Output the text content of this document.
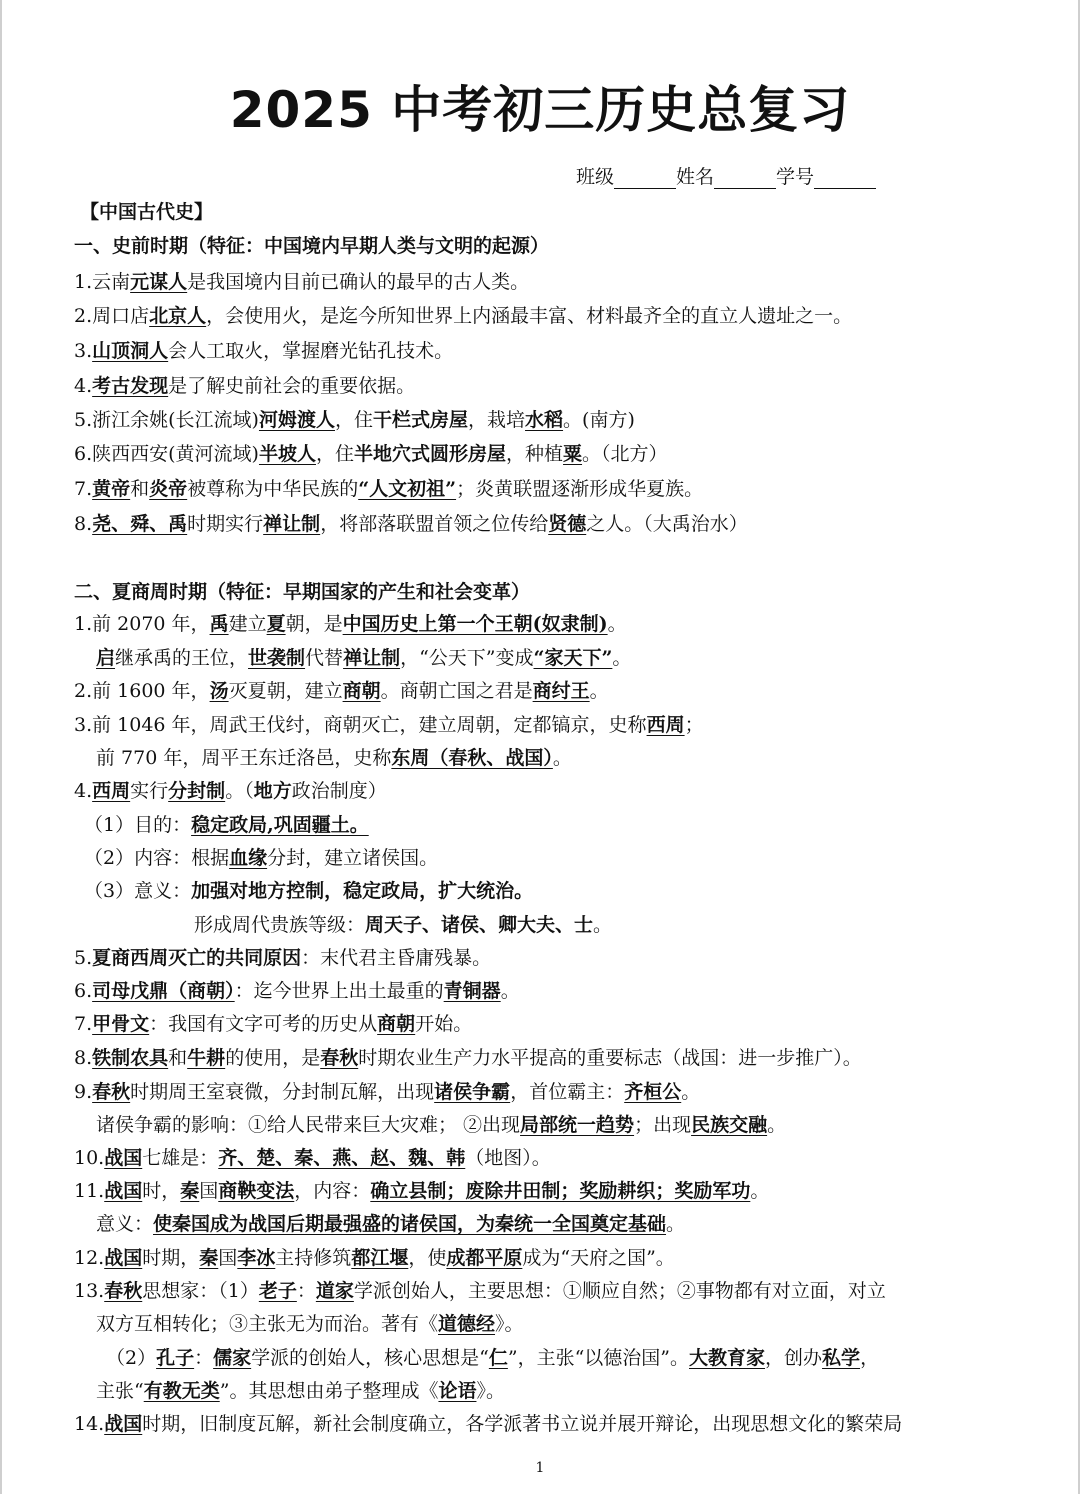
2025 中考初三历史总复习
班级	姓名	学号
【中国古代史】
一、史前时期（特征：中国境内早期人类与文明的起源）
二、夏商周时期（特征：早期国家的产生和社会变革）
1.云南元谋人是我国境内目前已确认的最早的古人类。
2.周口店北京人，会使用火，是迄今所知世界上内涵最丰富、材料最齐全的直立人遗址之一。
3.山顶洞人会人工取火，掌握磨光钻孔技术。
4.考古发现是了解史前社会的重要依据。
5.浙江余姚(长江流域)河姆渡人，住干栏式房屋，栽培水稻。(南方)
6.陕西西安(黄河流域)半坡人，住半地穴式圆形房屋，种植粟。（北方）
7.黄帝和炎帝被尊称为中华民族的“人文初祖”；炎黄联盟逐渐形成华夏族。
8.尧、舜、禹时期实行禅让制，将部落联盟首领之位传给贤德之人。（大禹治水）
1.前 2070 年，禹建立夏朝，是中国历史上第一个王朝(奴隶制)。
启继承禹的王位，世袭制代替禅让制，“公天下”变成“家天下”。
2.前 1600 年，汤灭夏朝，建立商朝。商朝亡国之君是商纣王。
3.前 1046 年，周武王伐纣，商朝灭亡，建立周朝，定都镐京，史称西周；
前 770 年，周平王东迁洛邑，史称东周（春秋、战国）。
4.西周实行分封制。（地方政治制度）
（1）目的：稳定政局,巩固疆土。
（2）内容：根据血缘分封，建立诸侯国。
（3）意义：加强对地方控制，稳定政局，扩大统治。
形成周代贵族等级：周天子、诸侯、卿大夫、士。
5.夏商西周灭亡的共同原因：末代君主昏庸残暴。
6.司母戊鼎（商朝）：迄今世界上出土最重的青铜器。
7.甲骨文：我国有文字可考的历史从商朝开始。
8.铁制农具和牛耕的使用，是春秋时期农业生产力水平提高的重要标志（战国：进一步推广）。
9.春秋时期周王室衰微，分封制瓦解，出现诸侯争霸，首位霸主：齐桓公。
诸侯争霸的影响：①给人民带来巨大灾难； ②出现局部统一趋势；出现民族交融。
10.战国七雄是：齐、楚、秦、燕、赵、魏、韩（地图）。
11.战国时，秦国商鞅变法，内容：确立县制；废除井田制；奖励耕织；奖励军功。
意义：使秦国成为战国后期最强盛的诸侯国，为秦统一全国奠定基础。
12.战国时期，秦国李冰主持修筑都江堰，使成都平原成为“天府之国”。
13.春秋思想家：（1）老子：道家学派创始人，主要思想：①顺应自然；②事物都有对立面，对立
双方互相转化；③主张无为而治。著有《道德经》。
（2）孔子：儒家学派的创始人，核心思想是“仁”，主张“以德治国”。大教育家，创办私学，
主张“有教无类”。其思想由弟子整理成《论语》。
14.战国时期，旧制度瓦解，新社会制度确立，各学派著书立说并展开辩论，出现思想文化的繁荣局
1
